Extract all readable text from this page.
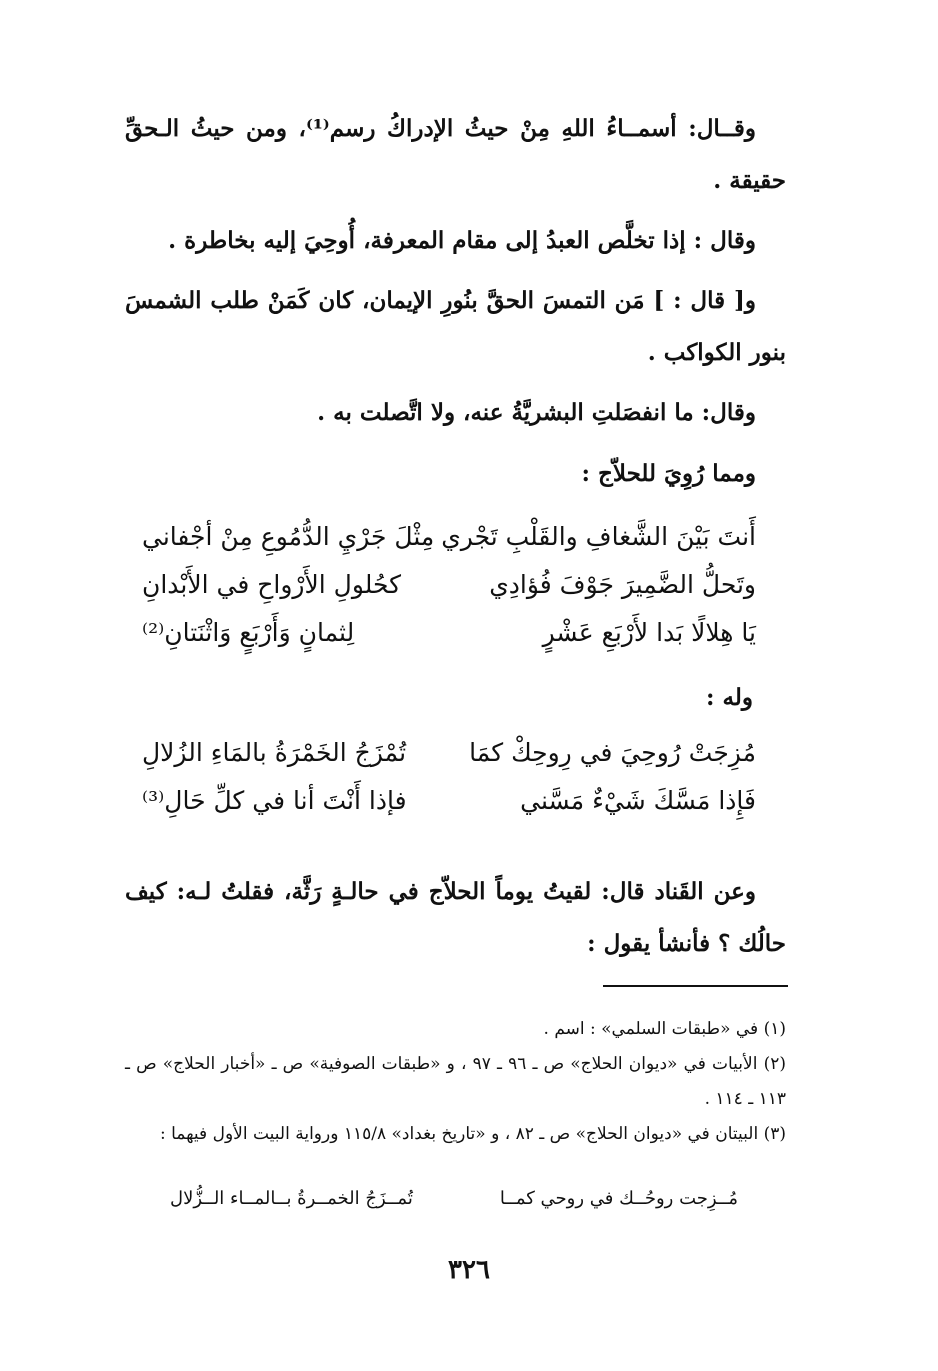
وقــال: أسمــاءُ اللهِ مِنْ حيثُ الإدراكُ رسم⁽¹⁾، ومن حيثُ الـحقِّ حقيقة .
وقال : إذا تخلَّص العبدُ إلى مقام المعرفة، أُوحِيَ إليه بخاطرة .
و[ قال : ] مَن التمسَ الحقَّ بنُورِ الإيمان، كان كَمَنْ طلب الشمسَ بنور الكواكب .
وقال: ما انفصَلتِ البشريَّةُ عنه، ولا اتَّصلت به .
ومما رُوِيَ للحلاّج :
أَنتَ بَيْنَ الشَّغافِ والقَلْبِ تَجْري
مِثْلَ جَرْيِ الدُّمُوعِ مِنْ أجْفاني
وتَحلُّ الضَّمِيرَ جَوْفَ فُؤادِي
كحُلولِ الأَرْواحِ في الأَبْدانِ
يَا هِلالًا بَدا لأَرْبَعِ عَشْرٍ
لِثمانٍ وَأَرْبَعٍ وَاثْنَتانِ⁽²⁾
وله :
مُزِجَتْ رُوحِيَ في رِوحِكْ كمَا
تُمْزَجُ الخَمْرَةُ بالمَاءِ الزُلالِ
فَإِذا مَسَّكَ شَيْءٌ مَسَّني
فإذا أَنْتَ أنا في كلِّ حَالِ⁽³⁾
وعن القَناد قال: لقيتُ يوماً الحلاّج في حالـةٍ رَثَّة، فقلتُ لـه: كيف حالُك ؟ فأنشأ يقول :
(١) في «طبقات السلمي» : اسم .
(٢) الأبيات في «ديوان الحلاج» ص ـ ٩٦ ـ ٩٧ ، و «طبقات الصوفية» ص ـ «أخبار الحلاج» ص ـ ١١٣ ـ ١١٤ .
(٣) البيتان في «ديوان الحلاج» ص ـ ٨٢ ، و «تاريخ بغداد» ١١٥/٨ ورواية البيت الأول فيهما :
مُــزِجت روحُــك في روحي كمــا
تُمــزَجُ الخمــرةُ بــالمــاء الــزُّلال
٣٢٦
